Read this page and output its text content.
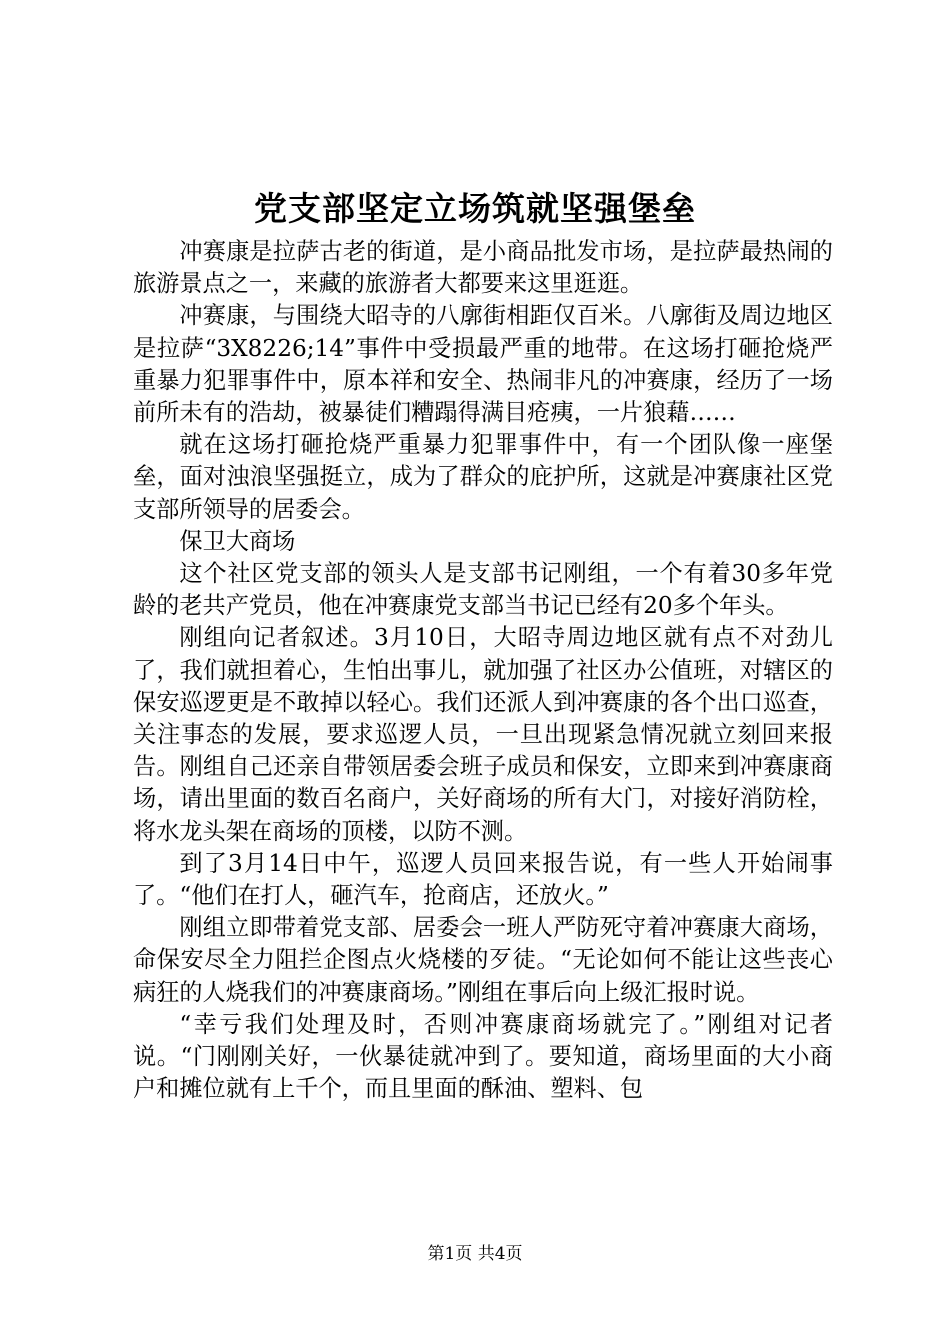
党支部坚定立场筑就坚强堡垒

冲赛康是拉萨古老的街道，是小商品批发市场，是拉萨最热闹的旅游景点之一，来藏的旅游者大都要来这里逛逛。

冲赛康，与围绕大昭寺的八廓街相距仅百米。八廓街及周边地区是拉萨“3X8226;14”事件中受损最严重的地带。在这场打砸抢烧严重暴力犯罪事件中，原本祥和安全、热闹非凡的冲赛康，经历了一场前所未有的浩劫，被暴徒们糟蹋得满目疮痍，一片狼藉……

就在这场打砸抢烧严重暴力犯罪事件中，有一个团队像一座堡垒，面对浊浪坚强挺立，成为了群众的庇护所，这就是冲赛康社区党支部所领导的居委会。

保卫大商场

这个社区党支部的领头人是支部书记刚组，一个有着30多年党龄的老共产党员，他在冲赛康党支部当书记已经有20多个年头。

刚组向记者叙述。3月10日，大昭寺周边地区就有点不对劲儿了，我们就担着心，生怕出事儿，就加强了社区办公值班，对辖区的保安巡逻更是不敢掉以轻心。我们还派人到冲赛康的各个出口巡查，关注事态的发展，要求巡逻人员，一旦出现紧急情况就立刻回来报告。刚组自己还亲自带领居委会班子成员和保安，立即来到冲赛康商场，请出里面的数百名商户，关好商场的所有大门，对接好消防栓，将水龙头架在商场的顶楼，以防不测。

到了3月14日中午，巡逻人员回来报告说，有一些人开始闹事了。“他们在打人，砸汽车，抢商店，还放火。”

刚组立即带着党支部、居委会一班人严防死守着冲赛康大商场，命保安尽全力阻拦企图点火烧楼的歹徒。“无论如何不能让这些丧心病狂的人烧我们的冲赛康商场。”刚组在事后向上级汇报时说。

“幸亏我们处理及时，否则冲赛康商场就完了。”刚组对记者说。“门刚刚关好，一伙暴徒就冲到了。要知道，商场里面的大小商户和摊位就有上千个，而且里面的酥油、塑料、包

第1页 共4页
